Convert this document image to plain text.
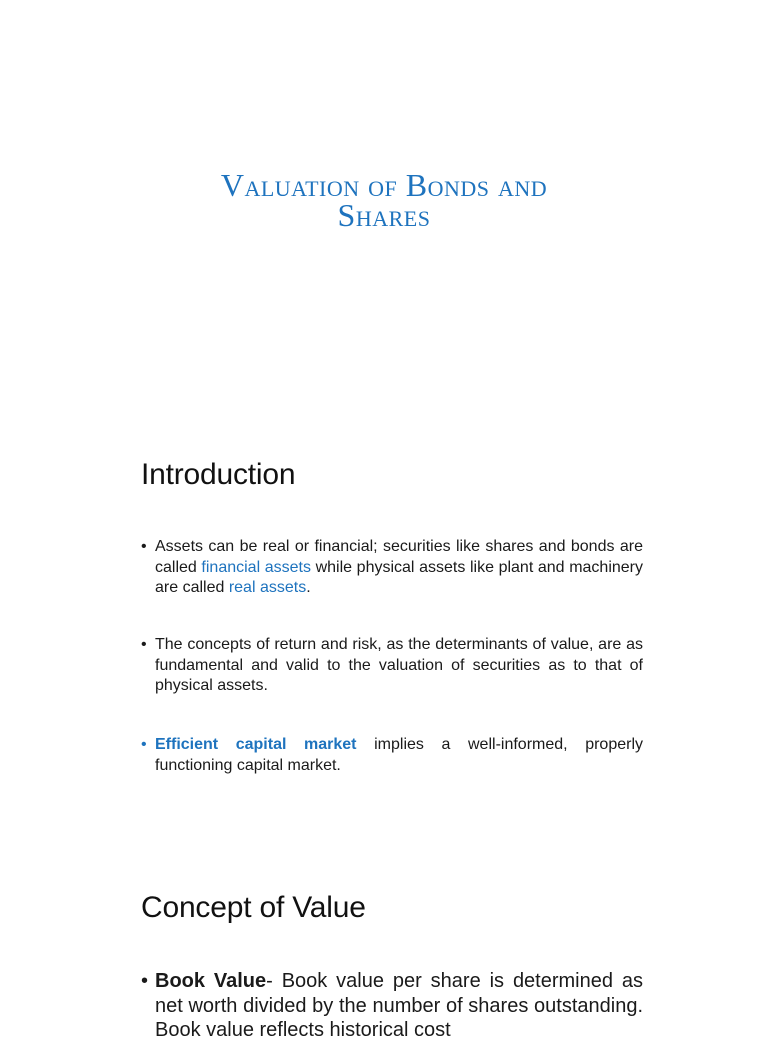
Valuation of Bonds and
Shares
Introduction
• Assets can be real or financial; securities like shares and bonds are called financial assets while physical assets like plant and machinery are called real assets.
• The concepts of return and risk, as the determinants of value, are as fundamental and valid to the valuation of securities as to that of physical assets.
• Efficient capital market implies a well-informed, properly functioning capital market.
Concept of Value
• Book Value- Book value per share is determined as net worth divided by the number of shares outstanding. Book value reflects historical cost
